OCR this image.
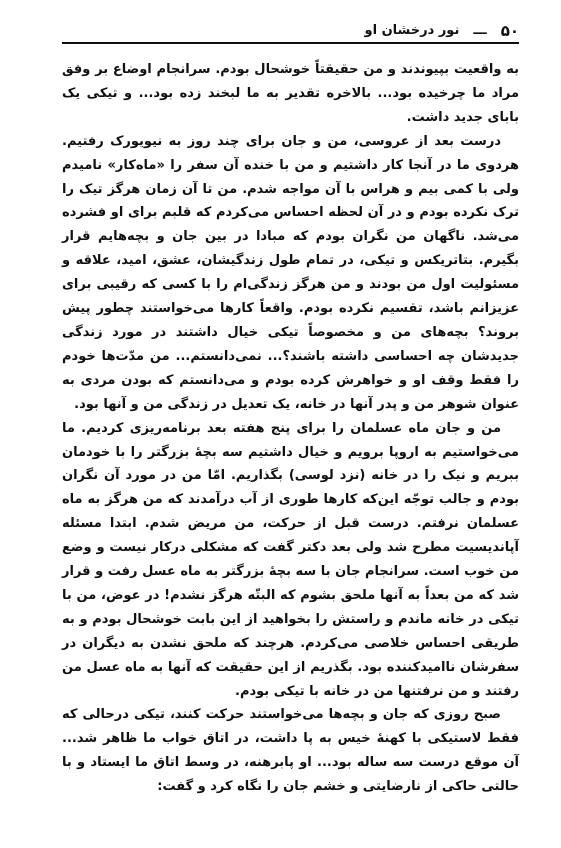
۵۰
ـــ
نور درخشان او

به واقعیت بپیوندند و من حقیقتاً خوشحال بودم. سرانجام اوضاع بر وفق مراد ما چرخیده بود... بالاخره تقدیر به ما لبخند زده بود... و تیکی یک بابای جدید داشت.

درست بعد از عروسی، من و جان برای چند روز به نیویورک رفتیم. هردوی ما در آنجا کار داشتیم و من با خنده آن سفر را «ماه‌کار» نامیدم ولی با کمی بیم و هراس با آن مواجه شدم. من تا آن زمان هرگز تیک را ترک نکرده بودم و در آن لحظه احساس می‌کردم که قلبم برای او فشرده می‌شد. ناگهان من نگران بودم که مبادا در بین جان و بچه‌هایم قرار بگیرم. بتاتریکس و تیکی، در تمام طول زندگیشان، عشق، امید، علاقه و مسئولیت اول من بودند و من هرگز زندگی‌ام را با کسی که رقیبی برای عزیزانم باشد، تقسیم نکرده بودم. واقعاً کارها می‌خواستند چطور پیش بروند؟ بچه‌های من و مخصوصاً تیکی خیال داشتند در مورد زندگی جدیدشان چه احساسی داشته باشند؟... نمی‌دانستم... من مدّت‌ها خودم را فقط وقف او و خواهرش کرده بودم و می‌دانستم که بودن مردی به عنوان شوهر من و پدر آنها در خانه، یک تعدیل در زندگی من و آنها بود.

من و جان ماه عسلمان را برای پنج هفته بعد برنامه‌ریزی کردیم. ما می‌خواستیم به اروپا برویم و خیال داشتیم سه بچهٔ بزرگتر را با خودمان ببریم و نیک را در خانه (نزد لوسی) بگذاریم. امّا من در مورد آن نگران بودم و جالب توجّه این‌که کارها طوری از آب درآمدند که من هرگز به ماه عسلمان نرفتم. درست قبل از حرکت، من مریض شدم. ابتدا مسئله آپاندیسیت مطرح شد ولی بعد دکتر گفت که مشکلی درکار نیست و وضع من خوب است. سرانجام جان با سه بچهٔ بزرگتر به ماه عسل رفت و قرار شد که من بعداً به آنها ملحق بشوم که البتّه هرگز نشدم! در عوض، من با تیکی در خانه ماندم و راستش را بخواهید از این بابت خوشحال بودم و به طریقی احساس خلاصی می‌کردم. هرچند که ملحق نشدن به دیگران در سفرشان ناامیدکننده بود. بگذریم از این حقیقت که آنها به ماه عسل من رفتند و من نرفتنها من در خانه با تیکی بودم.

صبح روزی که جان و بچه‌ها می‌خواستند حرکت کنند، تیکی درحالی که فقط لاستیکی با کهنهٔ خیس به پا داشت، در اتاق خواب ما ظاهر شد... آن موقع درست سه ساله بود... او پابرهنه، در وسط اتاق ما ایستاد و با حالتی حاکی از نارضایتی و خشم جان را نگاه کرد و گفت:
